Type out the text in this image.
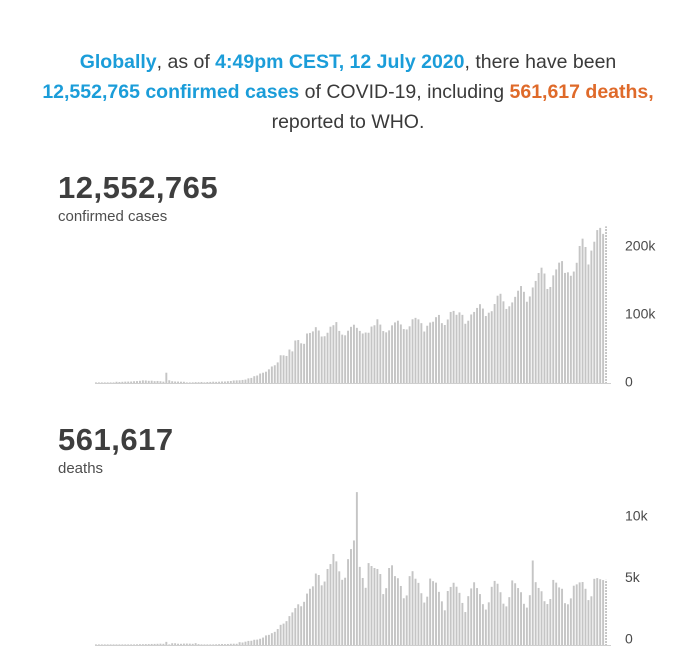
Globally, as of 4:49pm CEST, 12 July 2020, there have been 12,552,765 confirmed cases of COVID-19, including 561,617 deaths, reported to WHO.

12,552,765
confirmed cases
200k
100k
0
561,617
deaths
10k
5k
0
